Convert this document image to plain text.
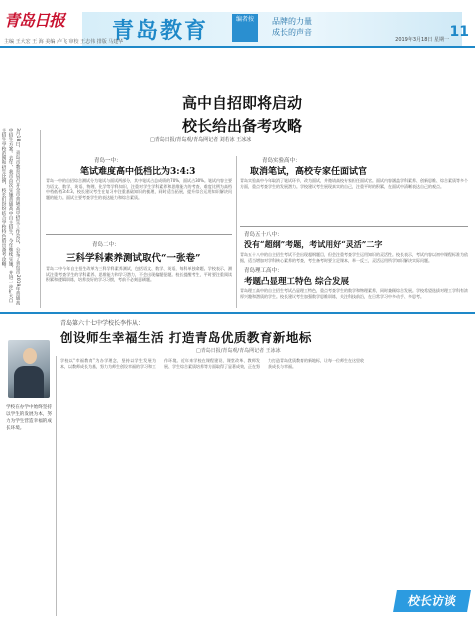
青岛日报 青岛教育	编者按	品牌的力量
成长的声音
2019年3月18日 星期一 11
主编 王大宏 王 海 美编 卢飞 审校 王志伟 排版 马建华
3月18日，青岛市教育局召开全市普通高中招生工作会议，公布了青岛市2019年普通高中招生方案。去年，我市首次实施普通高中自主招生，今年继续实施，并进一步扩大自主招生学校范围和招生比例，校长们纷纷结合学校特色给出备考攻略。
高中自招即将启动
校长给出备考攻略
□青岛日报/青岛观/青岛网记者 刘若冰 王冰冰
青岛一中：
笔试难度高中低档比为3:4:3
青岛一中的自招综合测试分为笔试与面试两部分，其中笔试占总成绩的70%，面试占30%。笔试内容主要为语文、数学、英语、物理、化学等学科知识，注重对学生学科素养和思维能力的考查，难度比例为高档中档低档3:4:3。校长建议考生在复习中注重基础知识的梳理，同时适当拓展，提升综合运用知识解决问题的能力。面试主要考查学生的表达能力和综合素质。
青岛二中：
三科学科素养测试取代“一张卷”
青岛二中今年自主招生改革为三科学科素养测试，包括语文、数学、英语，每科单独命题。学校表示，测试注重考查学生的学科素养、思维能力和学习潜力，不会出现偏题怪题。校长提醒考生，平时要注重阅读积累和逻辑训练，培养良好的学习习惯，考前不必刻意刷题。
青岛实验高中：
取消笔试，高校专家任面试官
青岛实验高中今年取消了笔试环节，改为面试，并邀请高校专家担任面试官。面试内容涵盖学科素养、创新思维、综合素质等多个方面，重点考查学生的发展潜力。学校建议考生展现真实的自己，注重平时的积累，在面试中清晰表达自己的观点。
青岛五十八中：
没有“超纲”考题，考试用好“灵活”二字
青岛五十八中的自主招生考试不会出现超纲题目，但会注重考查学生运用知识的灵活性。校长表示，考试内容以初中课程标准为依据，适当增加对学科核心素养的考查，考生备考时要立足课本，举一反三，灵活运用所学知识解决实际问题。
青岛理工高中：
考题凸显理工特色 综合发展
青岛理工高中的自主招生考试凸显理工特色，重点考查学生的数学和物理素养，同时兼顾综合发展。学校希望选拔对理工学科有浓厚兴趣和潜质的学生。校长建议考生加强数学思维训练，关注科技前沿，在日常学习中多动手、多思考。
青岛第六十七中学校长李作从：
创设师生幸福生活 打造青岛优质教育新地标
□青岛日报/青岛观/青岛网记者 王冰冰
学校在办学中始终坚持以学生的发展为本，努力为学生营造幸福的成长环境。
学校以“幸福教育”为办学理念，坚持以学生发展为本，以教师成长为基，努力为师生创设幸福的学习和工作环境。近年来学校在课程建设、课堂改革、教师发展、学生综合素质培养等方面取得了显著成效，正在努力打造青岛优质教育的新地标，让每一位师生在这里收获成长与幸福。
校长访谈
